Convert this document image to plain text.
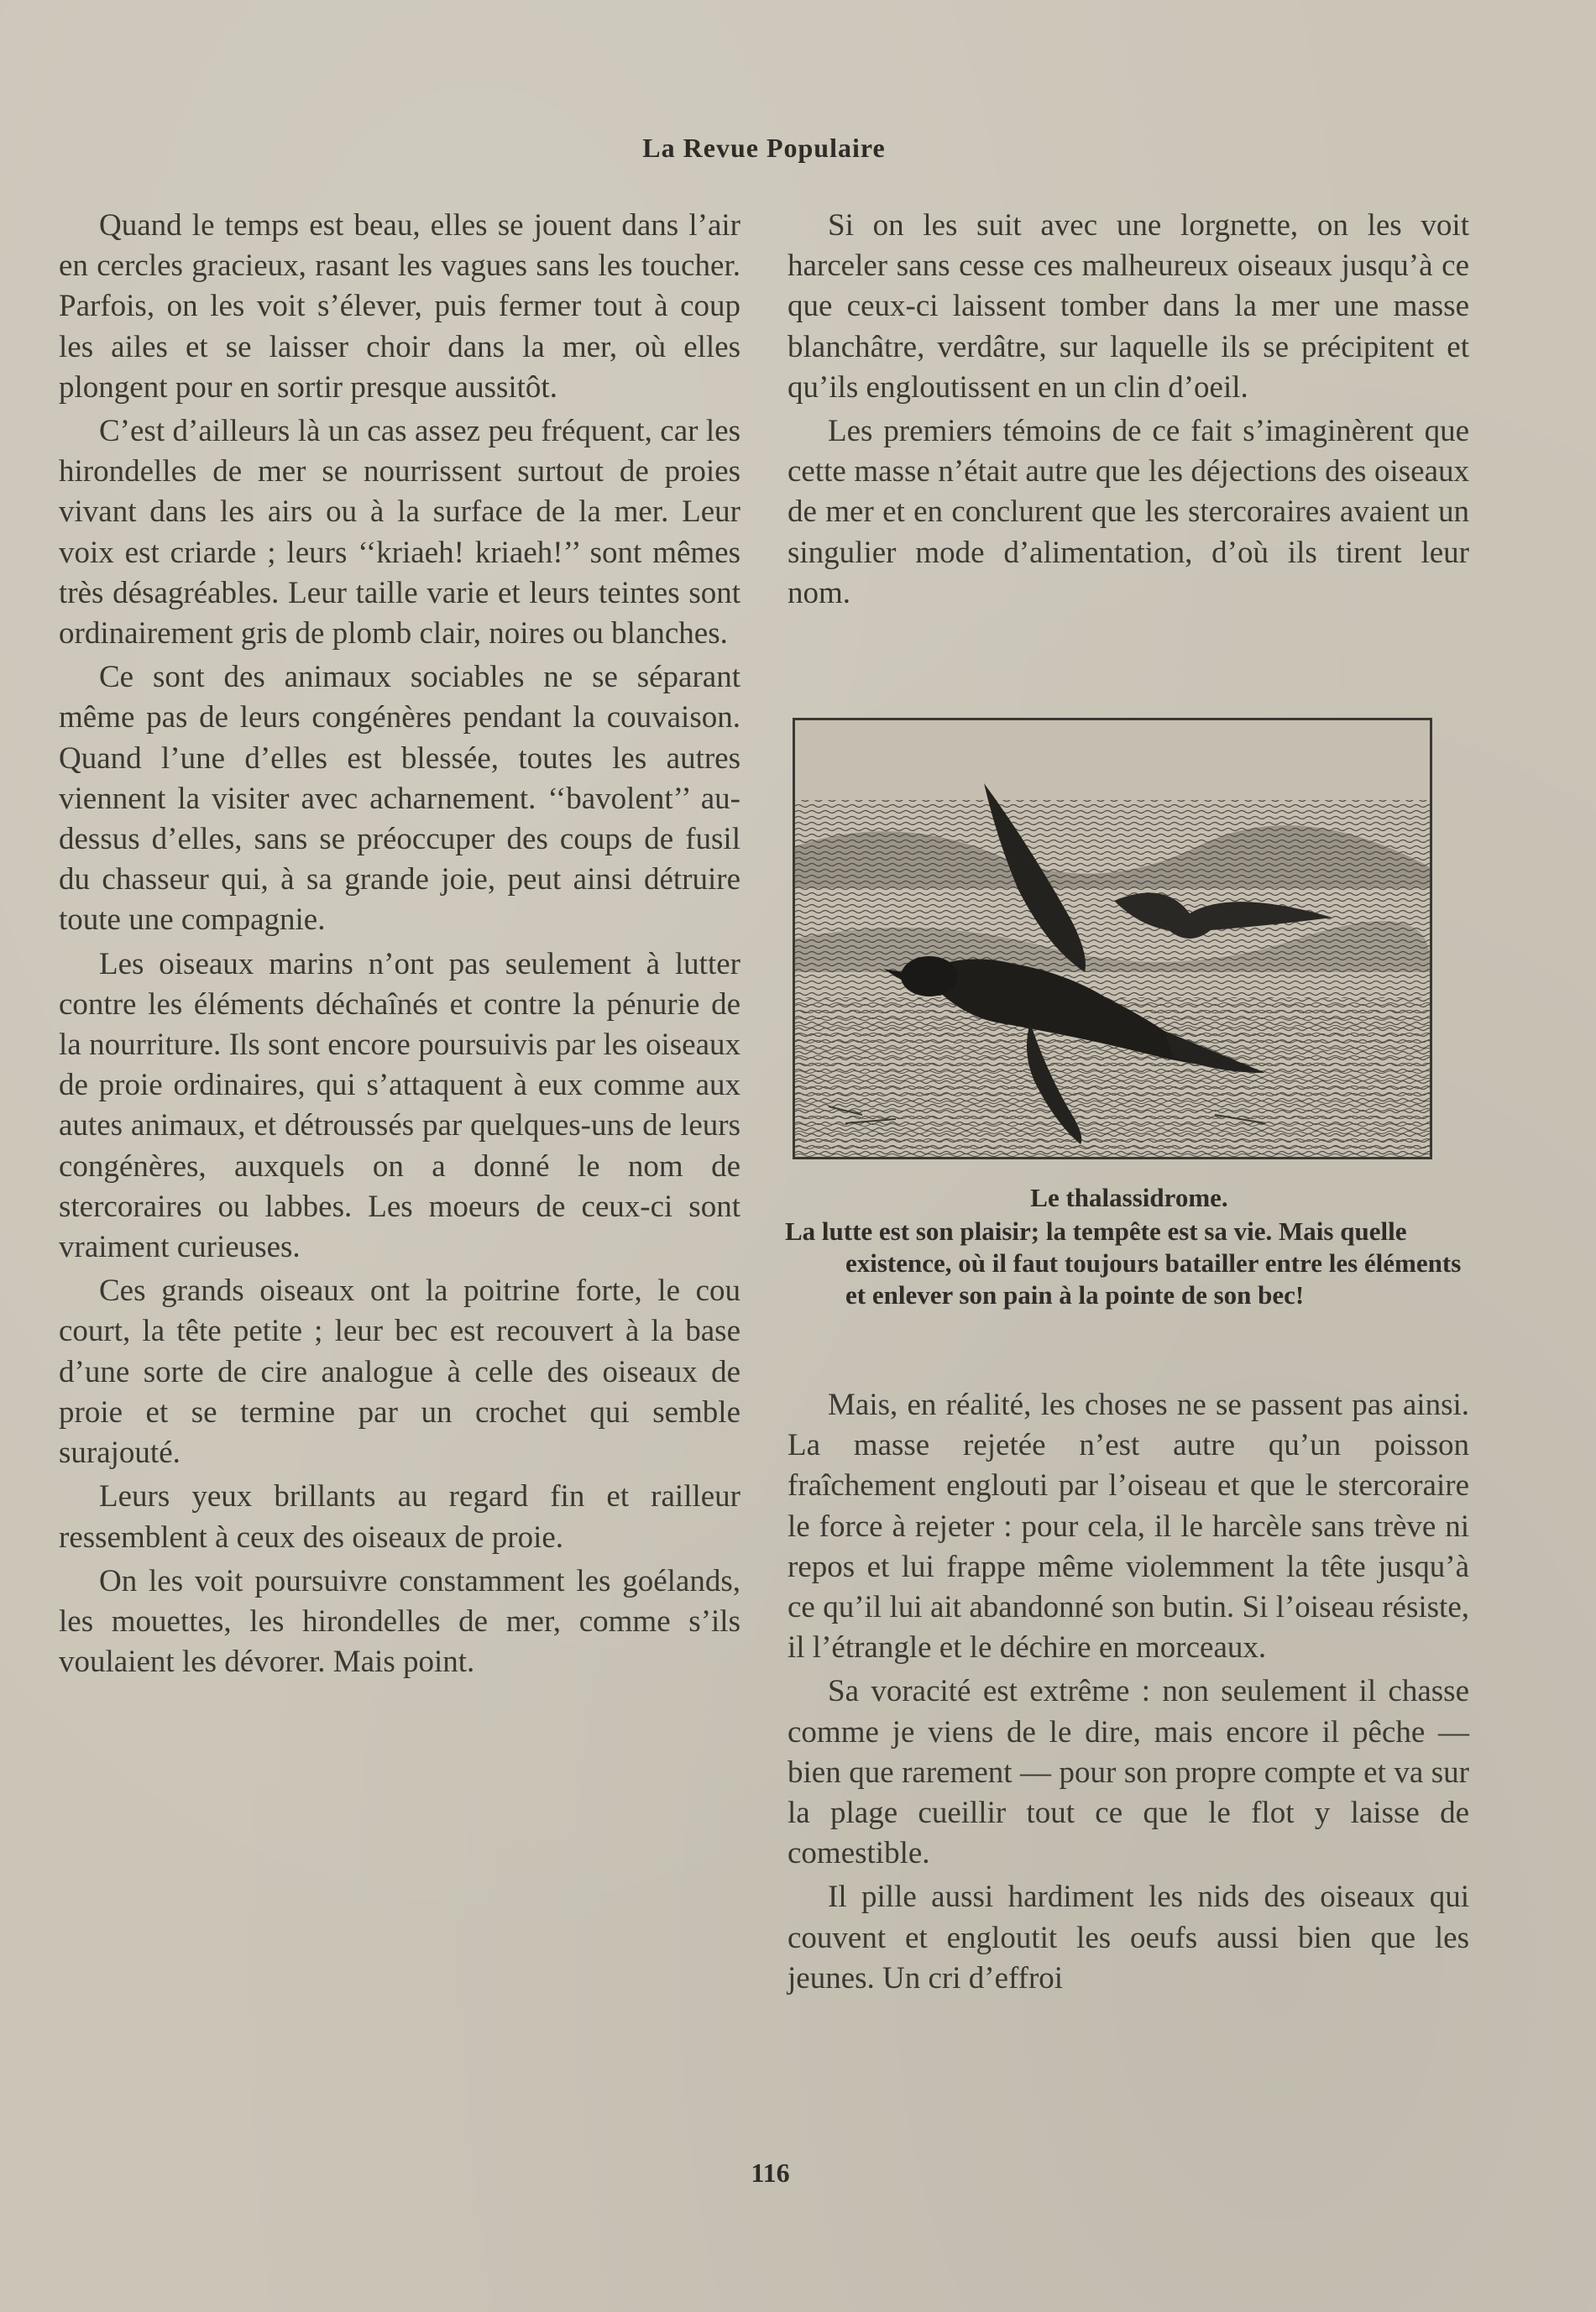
La Revue Populaire

Quand le temps est beau, elles se jouent dans l’air en cercles gracieux, rasant les vagues sans les toucher. Parfois, on les voit s’élever, puis fermer tout à coup les ailes et se laisser choir dans la mer, où elles plongent pour en sortir presque aussitôt.

C’est d’ailleurs là un cas assez peu fréquent, car les hirondelles de mer se nourrissent surtout de proies vivant dans les airs ou à la surface de la mer. Leur voix est criarde ; leurs ‘‘kriaeh! kriaeh!’’ sont mêmes très désagréables. Leur taille varie et leurs teintes sont ordinairement gris de plomb clair, noires ou blanches.

Ce sont des animaux sociables ne se séparant même pas de leurs congénères pendant la couvaison. Quand l’une d’elles est blessée, toutes les autres viennent la visiter avec acharnement. ‘‘bavolent’’ au-dessus d’elles, sans se préoccuper des coups de fusil du chasseur qui, à sa grande joie, peut ainsi détruire toute une compagnie.

Les oiseaux marins n’ont pas seulement à lutter contre les éléments déchaînés et contre la pénurie de la nourriture. Ils sont encore poursuivis par les oiseaux de proie ordinaires, qui s’attaquent à eux comme aux autes animaux, et détroussés par quelques-uns de leurs congénères, auxquels on a donné le nom de stercoraires ou labbes. Les moeurs de ceux-ci sont vraiment curieuses.

Ces grands oiseaux ont la poitrine forte, le cou court, la tête petite ; leur bec est recouvert à la base d’une sorte de cire analogue à celle des oiseaux de proie et se termine par un crochet qui semble surajouté.

Leurs yeux brillants au regard fin et railleur ressemblent à ceux des oiseaux de proie.

On les voit poursuivre constamment les goélands, les mouettes, les hirondelles de mer, comme s’ils voulaient les dévorer. Mais point.

Si on les suit avec une lorgnette, on les voit harceler sans cesse ces malheureux oiseaux jusqu’à ce que ceux-ci laissent tomber dans la mer une masse blanchâtre, verdâtre, sur laquelle ils se précipitent et qu’ils engloutissent en un clin d’oeil.

Les premiers témoins de ce fait s’imaginèrent que cette masse n’était autre que les déjections des oiseaux de mer et en conclurent que les stercoraires avaient un singulier mode d’alimentation, d’où ils tirent leur nom.

Le thalassidrome.
La lutte est son plaisir; la tempête est sa vie. Mais quelle existence, où il faut toujours batailler entre les éléments et enlever son pain à la pointe de son bec!

Mais, en réalité, les choses ne se passent pas ainsi. La masse rejetée n’est autre qu’un poisson fraîchement englouti par l’oiseau et que le stercoraire le force à rejeter : pour cela, il le harcèle sans trève ni repos et lui frappe même violemment la tête jusqu’à ce qu’il lui ait abandonné son butin. Si l’oiseau résiste, il l’étrangle et le déchire en morceaux.

Sa voracité est extrême : non seulement il chasse comme je viens de le dire, mais encore il pêche — bien que rarement — pour son propre compte et va sur la plage cueillir tout ce que le flot y laisse de comestible.

Il pille aussi hardiment les nids des oiseaux qui couvent et engloutit les oeufs aussi bien que les jeunes. Un cri d’effroi

116
